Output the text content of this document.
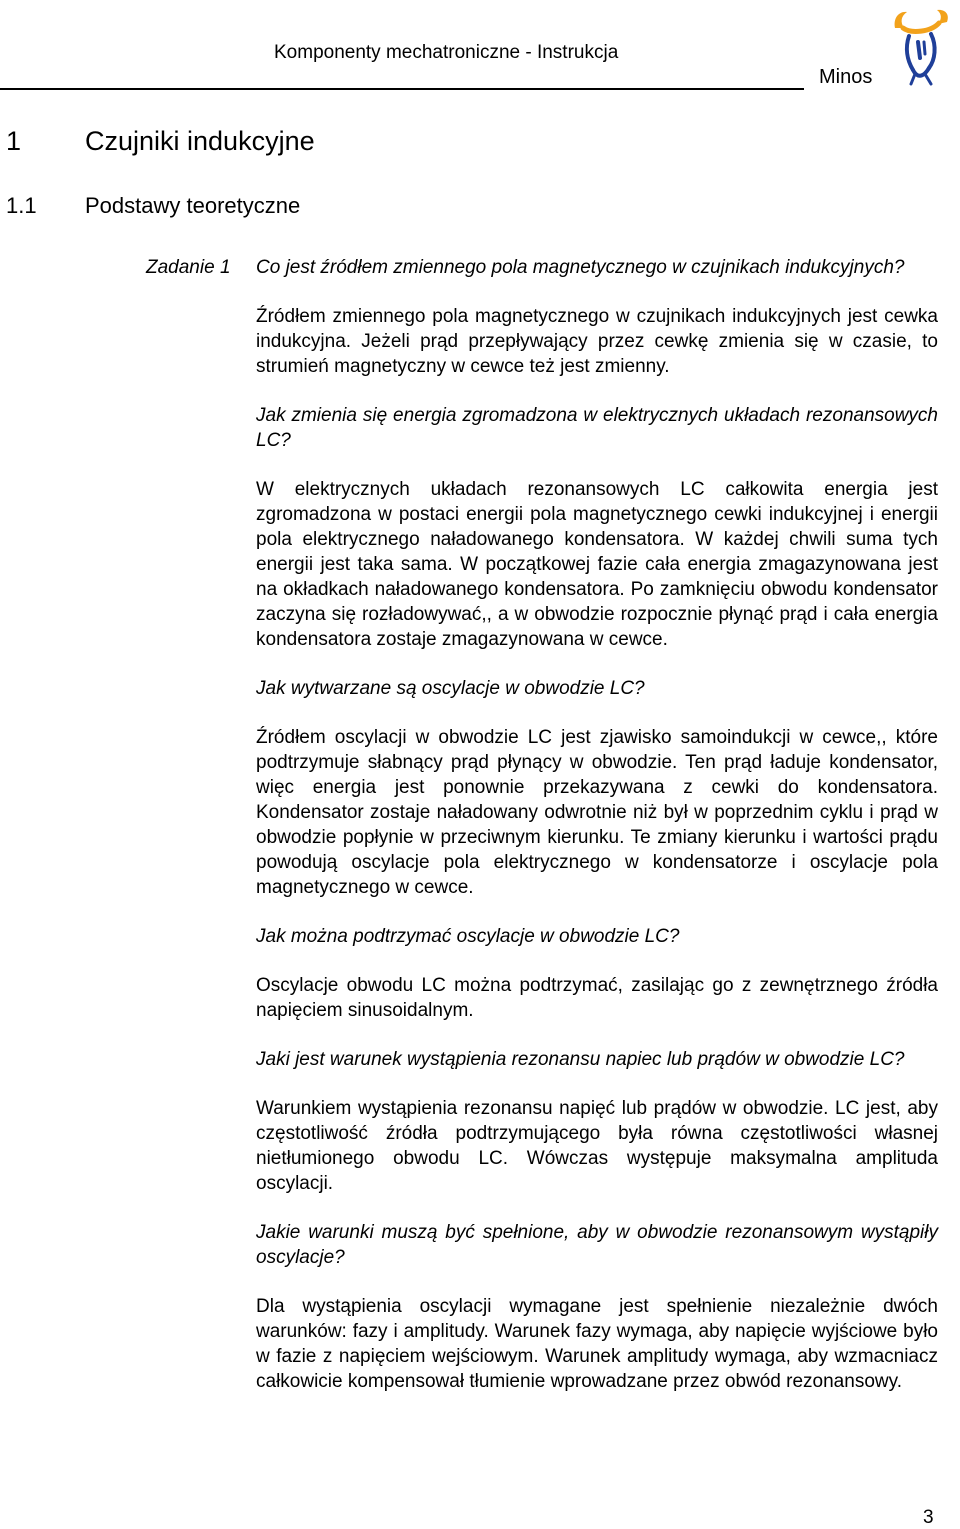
Komponenty mechatroniczne - Instrukcja
Minos
1 Czujniki indukcyjne
1.1 Podstawy teoretyczne
Zadanie 1 Co jest źródłem zmiennego pola magnetycznego w czujnikach indukcyjnych?

Źródłem zmiennego pola magnetycznego w czujnikach indukcyjnych jest cewka indukcyjna. Jeżeli prąd przepływający przez cewkę zmienia się w czasie, to strumień magnetyczny w cewce też jest zmienny.

Jak zmienia się energia zgromadzona w elektrycznych układach rezonansowych LC?

W elektrycznych układach rezonansowych LC całkowita energia jest zgromadzona w postaci energii pola magnetycznego cewki indukcyjnej i energii pola elektrycznego naładowanego kondensatora. W każdej chwili suma tych energii jest taka sama. W początkowej fazie cała energia zmagazynowana jest na okładkach naładowanego kondensatora. Po zamknięciu obwodu kondensator zaczyna się rozładowywać,, a w obwodzie rozpocznie płynąć prąd i cała energia kondensatora zostaje zmagazynowana w cewce.

Jak wytwarzane są oscylacje w obwodzie LC?

Źródłem oscylacji w obwodzie LC jest zjawisko samoindukcji w cewce,, które podtrzymuje słabnący prąd płynący w obwodzie. Ten prąd ładuje kondensator, więc energia jest ponownie przekazywana z cewki do kondensatora. Kondensator zostaje naładowany odwrotnie niż był w poprzednim cyklu i prąd w obwodzie popłynie w przeciwnym kierunku. Te zmiany kierunku i wartości prądu powodują oscylacje pola elektrycznego w kondensatorze i oscylacje pola magnetycznego w cewce.

Jak można podtrzymać oscylacje w obwodzie LC?

Oscylacje obwodu LC można podtrzymać, zasilając go z zewnętrznego źródła napięciem sinusoidalnym.

Jaki jest warunek wystąpienia rezonansu napiec lub prądów w obwodzie LC?

Warunkiem wystąpienia rezonansu napięć lub prądów w obwodzie. LC jest, aby częstotliwość źródła podtrzymującego była równa częstotliwości własnej nietłumionego obwodu LC. Wówczas występuje maksymalna amplituda oscylacji.

Jakie warunki muszą być spełnione, aby w obwodzie rezonansowym wystąpiły oscylacje?

Dla wystąpienia oscylacji wymagane jest spełnienie niezależnie dwóch warunków: fazy i amplitudy. Warunek fazy wymaga, aby napięcie wyjściowe było w fazie z napięciem wejściowym. Warunek amplitudy wymaga, aby wzmacniacz całkowicie kompensował tłumienie wprowadzane przez obwód rezonansowy.

3
